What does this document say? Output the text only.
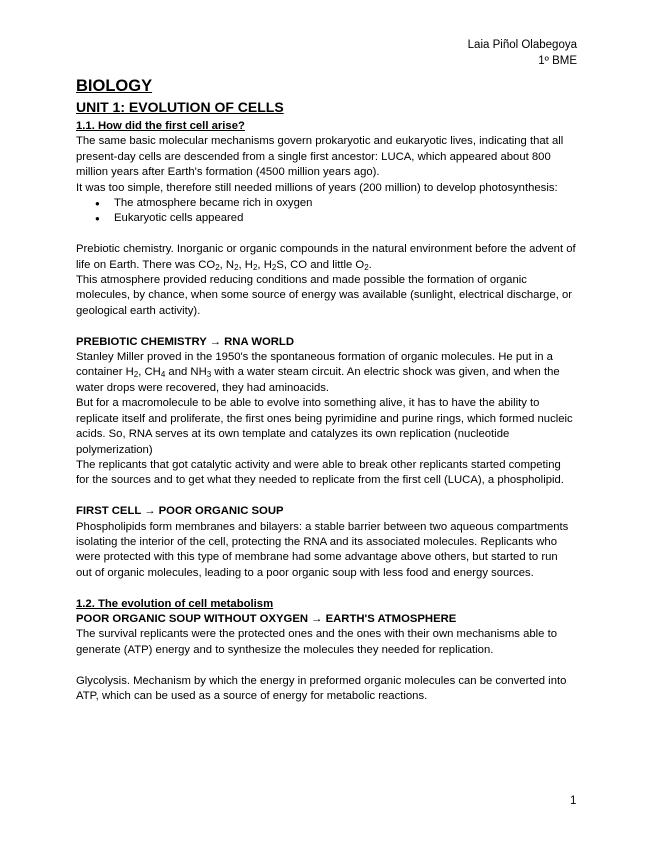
Laia Piñol Olabegoya
1º BME
BIOLOGY
UNIT 1: EVOLUTION OF CELLS

1.1. How did the first cell arise?

The same basic molecular mechanisms govern prokaryotic and eukaryotic lives, indicating that all present-day cells are descended from a single first ancestor: LUCA, which appeared about 800 million years after Earth's formation (4500 million years ago).

It was too simple, therefore still needed millions of years (200 million) to develop photosynthesis:

● The atmosphere became rich in oxygen
● Eukaryotic cells appeared

Prebiotic chemistry. Inorganic or organic compounds in the natural environment before the advent of life on Earth. There was $CO_2$, $N_2$, $H_2$, $H_2S$, CO and little $O_2$.

This atmosphere provided reducing conditions and made possible the formation of organic molecules, by chance, when some source of energy was available (sunlight, electrical discharge, or geological earth activity).

PREBIOTIC CHEMISTRY → RNA WORLD

Stanley Miller proved in the 1950's the spontaneous formation of organic molecules. He put in a container $H_2$, $CH_4$ and $NH_3$ with a water steam circuit. An electric shock was given, and when the water drops were recovered, they had aminoacids.

But for a macromolecule to be able to evolve into something alive, it has to have the ability to replicate itself and proliferate, the first ones being pyrimidine and purine rings, which formed nucleic acids. So, RNA serves at its own template and catalyzes its own replication (nucleotide polymerization)

The replicants that got catalytic activity and were able to break other replicants started competing for the sources and to get what they needed to replicate from the first cell (LUCA), a phospholipid.

FIRST CELL → POOR ORGANIC SOUP

Phospholipids form membranes and bilayers: a stable barrier between two aqueous compartments isolating the interior of the cell, protecting the RNA and its associated molecules. Replicants who were protected with this type of membrane had some advantage above others, but started to run out of organic molecules, leading to a poor organic soup with less food and energy sources.

1.2. The evolution of cell metabolism

POOR ORGANIC SOUP WITHOUT OXYGEN → EARTH'S ATMOSPHERE

The survival replicants were the protected ones and the ones with their own mechanisms able to generate (ATP) energy and to synthesize the molecules they needed for replication.

Glycolysis. Mechanism by which the energy in preformed organic molecules can be converted into ATP, which can be used as a source of energy for metabolic reactions.

1
